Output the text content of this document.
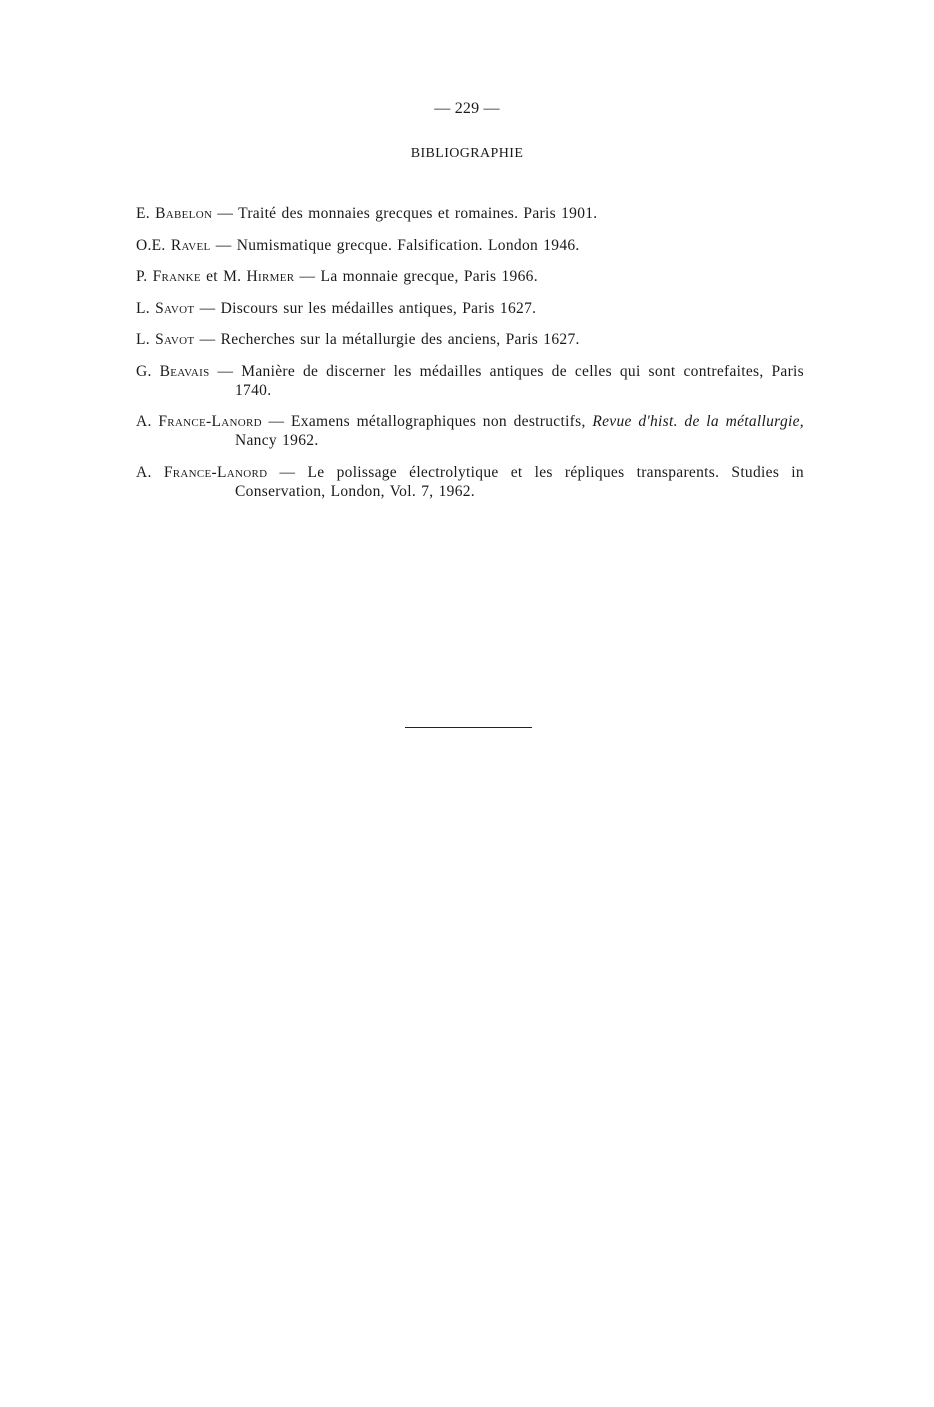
— 229 —
BIBLIOGRAPHIE
E. Babelon — Traité des monnaies grecques et romaines. Paris 1901.
O.E. Ravel — Numismatique grecque. Falsification. London 1946.
P. Franke et M. Hirmer — La monnaie grecque, Paris 1966.
L. Savot — Discours sur les médailles antiques, Paris 1627.
L. Savot — Recherches sur la métallurgie des anciens, Paris 1627.
G. Beavais — Manière de discerner les médailles antiques de celles qui sont contrefaites, Paris 1740.
A. France-Lanord — Examens métallographiques non destructifs, Revue d'hist. de la métallurgie, Nancy 1962.
A. France-Lanord — Le polissage électrolytique et les répliques transparents. Studies in Conservation, London, Vol. 7, 1962.
